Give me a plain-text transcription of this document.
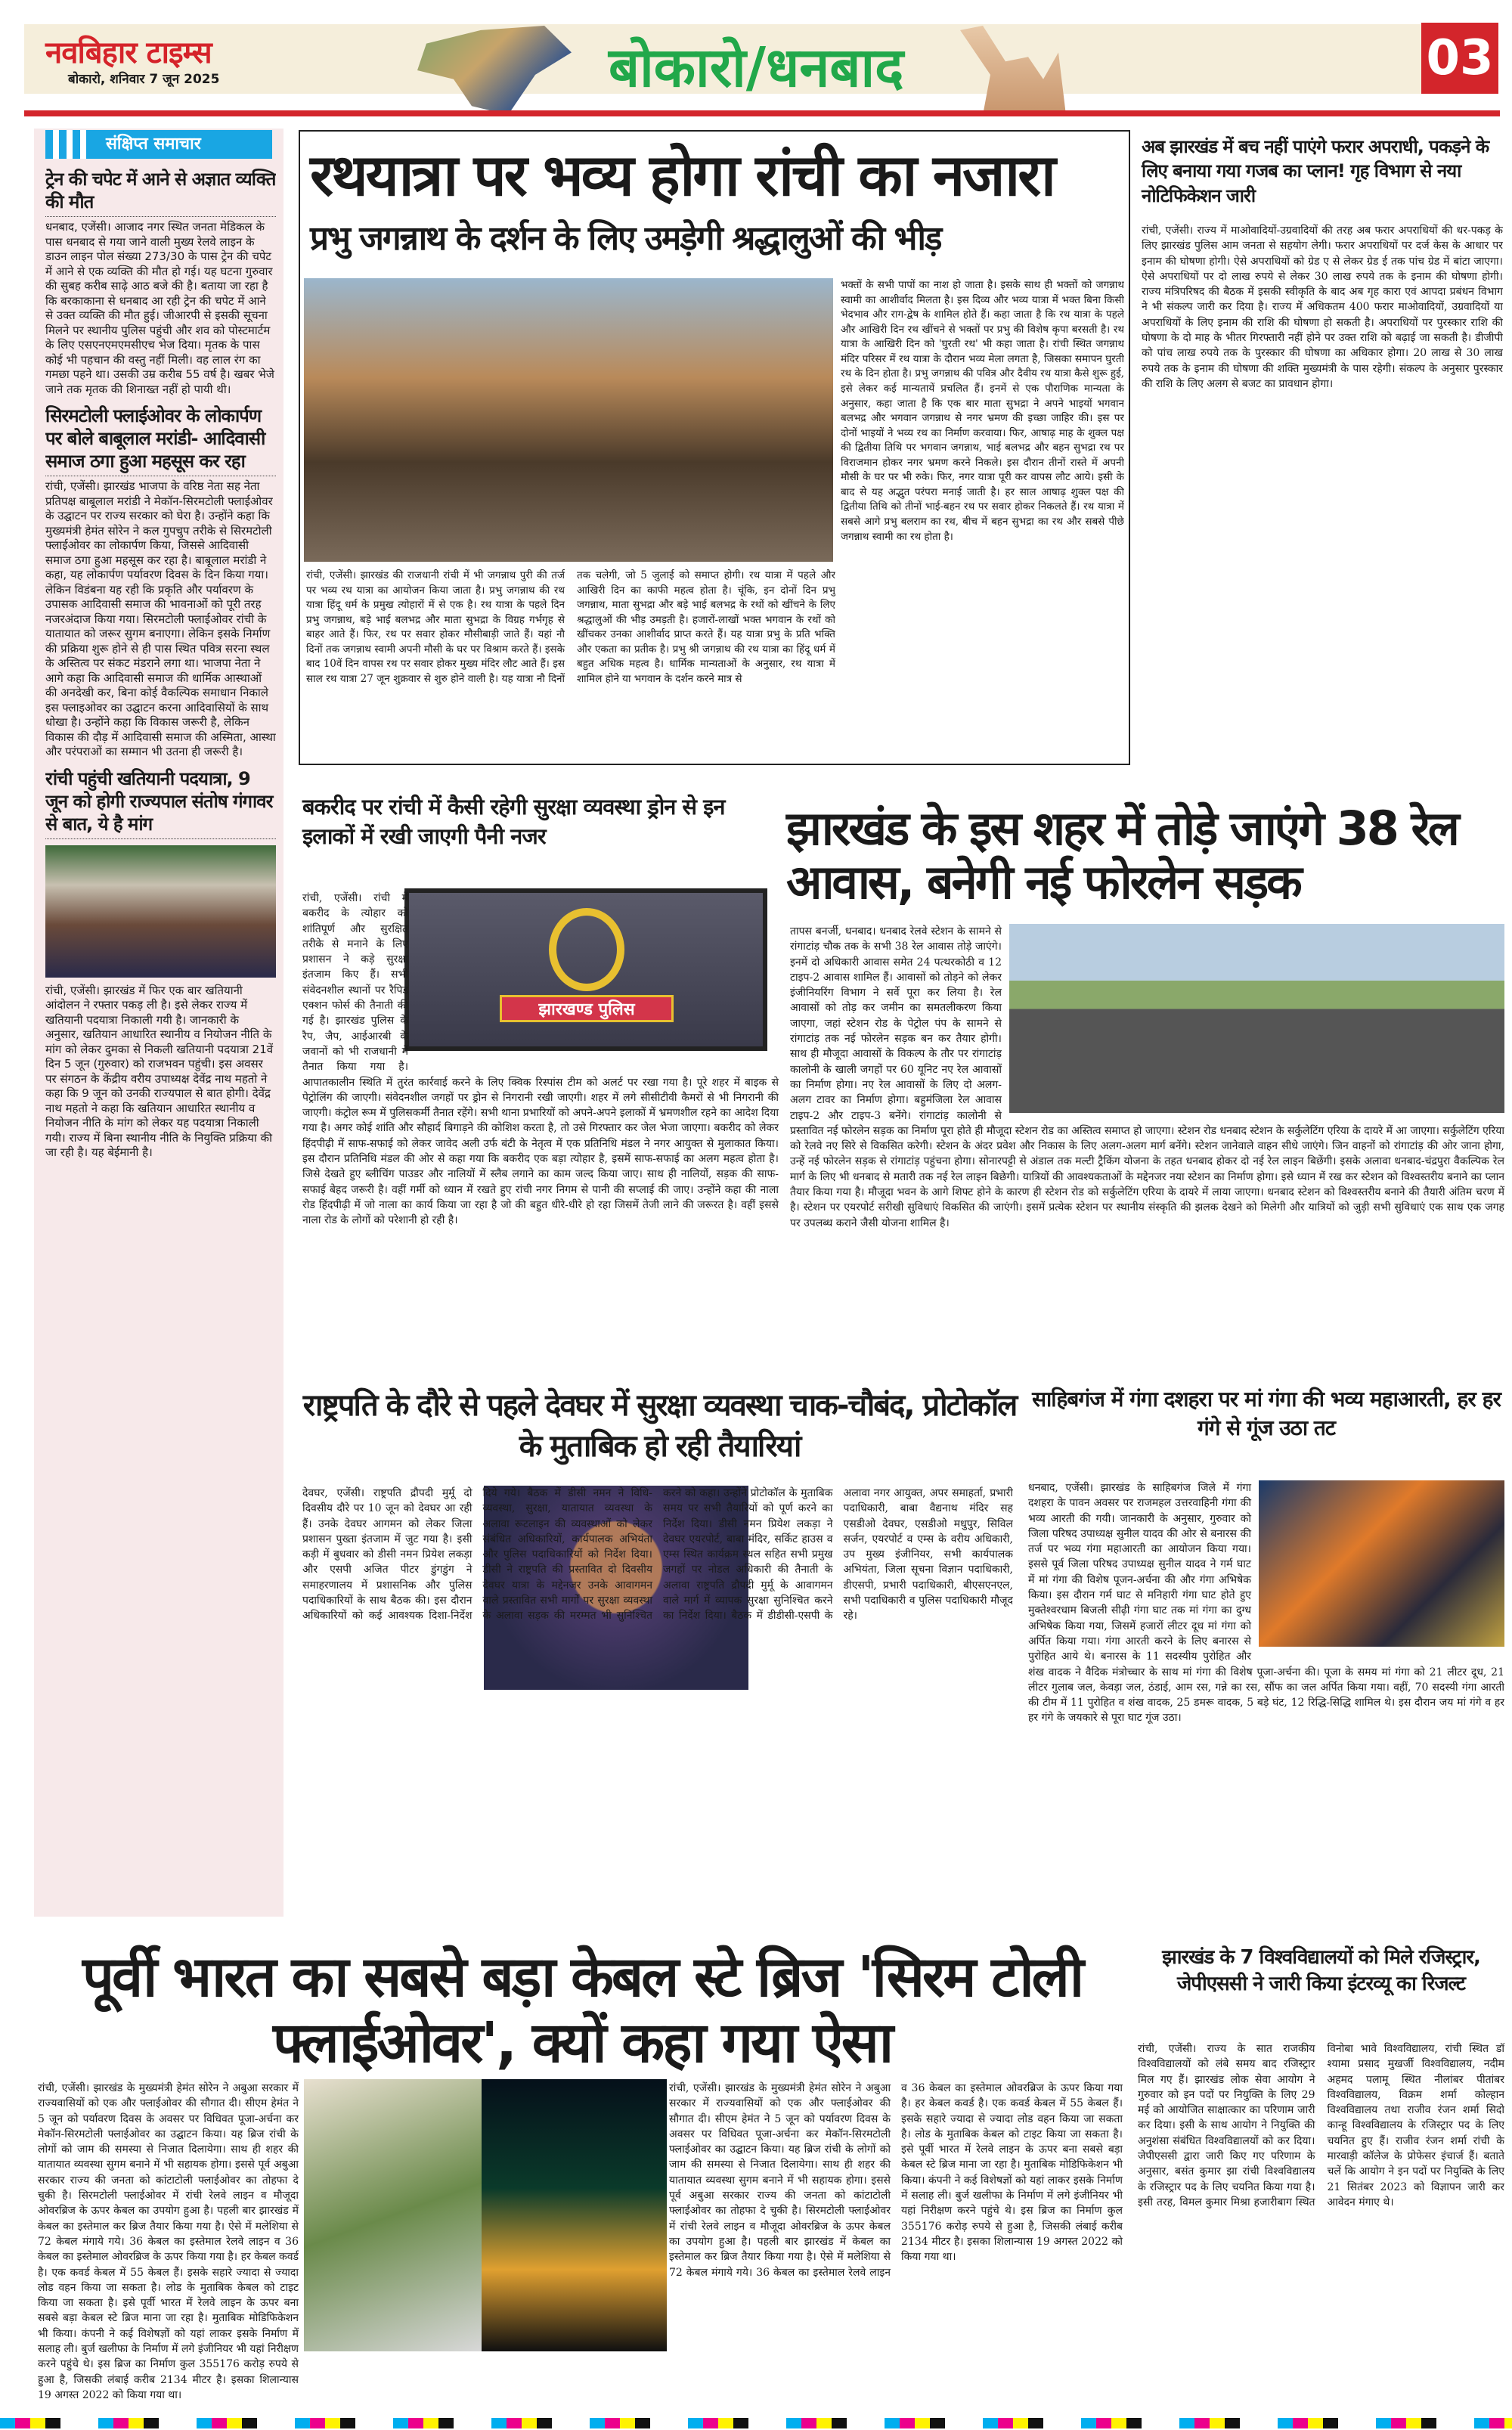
नवबिहार टाइम्स
बोकारो, शनिवार 7 जून 2025	बोकारो/धनबाद	03
संक्षिप्त समाचार
ट्रेन की चपेट में आने से अज्ञात व्यक्ति की मौत
धनबाद, एजेंसी। आजाद नगर स्थित जनता मेडिकल के पास धनबाद से गया जाने वाली मुख्य रेलवे लाइन के डाउन लाइन पोल संख्या 273/30 के पास ट्रेन की चपेट में आने से एक व्यक्ति की मौत हो गई। यह घटना गुरुवार की सुबह करीब साढ़े आठ बजे की है। बताया जा रहा है कि बरकाकाना से धनबाद आ रही ट्रेन की चपेट में आने से उक्त व्यक्ति की मौत हुई। जीआरपी से इसकी सूचना मिलने पर स्थानीय पुलिस पहुंची और शव को पोस्टमार्टम के लिए एसएनएमएमसीएच भेज दिया। मृतक के पास कोई भी पहचान की वस्तु नहीं मिली। वह लाल रंग का गमछा पहने था। उसकी उम्र करीब 55 वर्ष है। खबर भेजे जाने तक मृतक की शिनाख्त नहीं हो पायी थी।
सिरमटोली फ्लाईओवर के लोकार्पण पर बोले बाबूलाल मरांडी- आदिवासी समाज ठगा हुआ महसूस कर रहा
रांची, एजेंसी। झारखंड भाजपा के वरिष्ठ नेता सह नेता प्रतिपक्ष बाबूलाल मरांडी ने मेकॉन-सिरमटोली फ्लाईओवर के उद्घाटन पर राज्य सरकार को घेरा है। उन्होंने कहा कि मुख्यमंत्री हेमंत सोरेन ने कल गुपचुप तरीके से सिरमटोली फ्लाईओवर का लोकार्पण किया, जिससे आदिवासी समाज ठगा हुआ महसूस कर रहा है। बाबूलाल मरांडी ने कहा, यह लोकार्पण पर्यावरण दिवस के दिन किया गया। लेकिन विडंबना यह रही कि प्रकृति और पर्यावरण के उपासक आदिवासी समाज की भावनाओं को पूरी तरह नजरअंदाज किया गया। सिरमटोली फ्लाईओवर रांची के यातायात को जरूर सुगम बनाएगा। लेकिन इसके निर्माण की प्रक्रिया शुरू होने से ही पास स्थित पवित्र सरना स्थल के अस्तित्व पर संकट मंडराने लगा था। भाजपा नेता ने आगे कहा कि आदिवासी समाज की धार्मिक आस्थाओं की अनदेखी कर, बिना कोई वैकल्पिक समाधान निकाले इस फ्लाइओवर का उद्घाटन करना आदिवासियों के साथ धोखा है। उन्होंने कहा कि विकास जरूरी है, लेकिन विकास की दौड़ में आदिवासी समाज की अस्मिता, आस्था और परंपराओं का सम्मान भी उतना ही जरूरी है।
रांची पहुंची खतियानी पदयात्रा, 9 जून को होगी राज्यपाल संतोष गंगावर से बात, ये है मांग
रांची, एजेंसी। झारखंड में फिर एक बार खतियानी आंदोलन ने रफ्तार पकड़ ली है। इसे लेकर राज्य में खतियानी पदयात्रा निकाली गयी है। जानकारी के अनुसार, खतियान आधारित स्थानीय व नियोजन नीति के मांग को लेकर दुमका से निकली खतियानी पदयात्रा 21वें दिन 5 जून (गुरुवार) को राजभवन पहुंची। इस अवसर पर संगठन के केंद्रीय वरीय उपाध्यक्ष देवेंद्र नाथ महतो ने कहा कि 9 जून को उनकी राज्यपाल से बात होगी। देवेंद्र नाथ महतो ने कहा कि खतियान आधारित स्थानीय व नियोजन नीति के मांग को लेकर यह पदयात्रा निकाली गयी। राज्य में बिना स्थानीय नीति के नियुक्ति प्रक्रिया की जा रही है। यह बेईमानी है।
रथयात्रा पर भव्य होगा रांची का नजारा
प्रभु जगन्नाथ के दर्शन के लिए उमड़ेगी श्रद्धालुओं की भीड़
रांची, एजेंसी। झारखंड की राजधानी रांची में भी जगन्नाथ पुरी की तर्ज पर भव्य रथ यात्रा का आयोजन किया जाता है। प्रभु जगन्नाथ की रथ यात्रा हिंदू धर्म के प्रमुख त्योहारों में से एक है। रथ यात्रा के पहले दिन प्रभु जगन्नाथ, बड़े भाई बलभद्र और माता सुभद्रा के विग्रह गर्भगृह से बाहर आते हैं। फिर, रथ पर सवार होकर मौसीबाड़ी जाते हैं। यहां नौ दिनों तक जगन्नाथ स्वामी अपनी मौसी के घर पर विश्राम करते हैं। इसके बाद 10वें दिन वापस रथ पर सवार होकर मुख्य मंदिर लौट आते हैं। इस साल रथ यात्रा 27 जून शुक्रवार से शुरु होने वाली है। यह यात्रा नौ दिनों तक चलेगी, जो 5 जुलाई को समाप्त होगी। रथ यात्रा में पहले और आखिरी दिन का काफी महत्व होता है। चूंकि, इन दोनों दिन प्रभु जगन्नाथ, माता सुभद्रा और बड़े भाई बलभद्र के रथों को खींचने के लिए श्रद्धालुओं की भीड़ उमड़ती है। हजारों-लाखों भक्त भगवान के रथों को खींचकर उनका आशीर्वाद प्राप्त करते हैं। यह यात्रा प्रभु के प्रति भक्ति और एकता का प्रतीक है। प्रभु श्री जगन्नाथ की रथ यात्रा का हिंदू धर्म में बहुत अधिक महत्व है। धार्मिक मान्यताओं के अनुसार, रथ यात्रा में शामिल होने या भगवान के दर्शन करने मात्र से
भक्तों के सभी पापों का नाश हो जाता है। इसके साथ ही भक्तों को जगन्नाथ स्वामी का आशीर्वाद मिलता है। इस दिव्य और भव्य यात्रा में भक्त बिना किसी भेदभाव और राग-द्वेष के शामिल होते हैं। कहा जाता है कि रथ यात्रा के पहले और आखिरी दिन रथ खींचने से भक्तों पर प्रभु की विशेष कृपा बरसती है। रथ यात्रा के आखिरी दिन को 'घुरती रथ' भी कहा जाता है। रांची स्थित जगन्नाथ मंदिर परिसर में रथ यात्रा के दौरान भव्य मेला लगता है, जिसका समापन घुरती रथ के दिन होता है। प्रभु जगन्नाथ की पवित्र और दैवीय रथ यात्रा कैसे शुरू हुई, इसे लेकर कई मान्यतायें प्रचलित हैं। इनमें से एक पौराणिक मान्यता के अनुसार, कहा जाता है कि एक बार माता सुभद्रा ने अपने भाइयों भगवान बलभद्र और भगवान जगन्नाथ से नगर भ्रमण की इच्छा जाहिर की। इस पर दोनों भाइयों ने भव्य रथ का निर्माण करवाया। फिर, आषाढ़ माह के शुक्ल पक्ष की द्वितीया तिथि पर भगवान जगन्नाथ, भाई बलभद्र और बहन सुभद्रा रथ पर विराजमान होकर नगर भ्रमण करने निकले। इस दौरान तीनों रास्ते में अपनी मौसी के घर पर भी रुके। फिर, नगर यात्रा पूरी कर वापस लौट आये। इसी के बाद से यह अद्भुत परंपरा मनाई जाती है। हर साल आषाढ़ शुक्ल पक्ष की द्वितीया तिथि को तीनों भाई-बहन रथ पर सवार होकर निकलते हैं। रथ यात्रा में सबसे आगे प्रभु बलराम का रथ, बीच में बहन सुभद्रा का रथ और सबसे पीछे जगन्नाथ स्वामी का रथ होता है।
अब झारखंड में बच नहीं पाएंगे फरार अपराधी, पकड़ने के लिए बनाया गया गजब का प्लान! गृह विभाग से नया नोटिफिकेशन जारी
रांची, एजेंसी। राज्य में माओवादियों-उग्रवादियों की तरह अब फरार अपराधियों की धर-पकड़ के लिए झारखंड पुलिस आम जनता से सहयोग लेगी। फरार अपराधियों पर दर्ज केस के आधार पर इनाम की घोषणा होगी। ऐसे अपराधियों को ग्रेड ए से लेकर ग्रेड ई तक पांच ग्रेड में बांटा जाएगा। ऐसे अपराधियों पर दो लाख रुपये से लेकर 30 लाख रुपये तक के इनाम की घोषणा होगी। राज्य मंत्रिपरिषद की बैठक में इसकी स्वीकृति के बाद अब गृह कारा एवं आपदा प्रबंधन विभाग ने भी संकल्प जारी कर दिया है। राज्य में अधिकतम 400 फरार माओवादियों, उग्रवादियों या अपराधियों के लिए इनाम की राशि की घोषणा हो सकती है। अपराधियों पर पुरस्कार राशि की घोषणा के दो माह के भीतर गिरफ्तारी नहीं होने पर उक्त राशि को बढ़ाई जा सकती है। डीजीपी को पांच लाख रुपये तक के पुरस्कार की घोषणा का अधिकार होगा। 20 लाख से 30 लाख रुपये तक के इनाम की घोषणा की शक्ति मुख्यमंत्री के पास रहेगी। संकल्प के अनुसार पुरस्कार की राशि के लिए अलग से बजट का प्रावधान होगा।
बकरीद पर रांची में कैसी रहेगी सुरक्षा व्यवस्था ड्रोन से इन इलाकों में रखी जाएगी पैनी नजर
झारखण्ड पुलिस
रांची, एजेंसी। रांची में बकरीद के त्योहार को शांतिपूर्ण और सुरक्षित तरीके से मनाने के लिए प्रशासन ने कड़े सुरक्षा इंतजाम किए हैं। सभी संवेदनशील स्थानों पर रैपिड एक्शन फोर्स की तैनाती की गई है। झारखंड पुलिस के रैप, जैप, आईआरबी के जवानों को भी राजधानी में तैनात किया गया है। आपातकालीन स्थिति में तुरंत कार्रवाई करने के लिए क्विक रिस्पांस टीम को अलर्ट पर रखा गया है। पूरे शहर में बाइक से पेट्रोलिंग की जाएगी। संवेदनशील जगहों पर ड्रोन से निगरानी रखी जाएगी। शहर में लगे सीसीटीवी कैमरों से भी निगरानी की जाएगी। कंट्रोल रूम में पुलिसकर्मी तैनात रहेंगे। सभी थाना प्रभारियों को अपने-अपने इलाकों में भ्रमणशील रहने का आदेश दिया गया है। अगर कोई शांति और सौहार्द बिगाड़ने की कोशिश करता है, तो उसे गिरफ्तार कर जेल भेजा जाएगा। बकरीद को लेकर हिंदपीढ़ी में साफ-सफाई को लेकर जावेद अली उर्फ बंटी के नेतृत्व में एक प्रतिनिधि मंडल ने नगर आयुक्त से मुलाकात किया। इस दौरान प्रतिनिधि मंडल की ओर से कहा गया कि बकरीद एक बड़ा त्योहार है, इसमें साफ-सफाई का अलग महत्व होता है। जिसे देखते हुए ब्लीचिंग पाउडर और नालियों में स्लैब लगाने का काम जल्द किया जाए। साथ ही नालियों, सड़क की साफ-सफाई बेहद जरूरी है। वहीं गर्मी को ध्यान में रखते हुए रांची नगर निगम से पानी की सप्लाई की जाए। उन्होंने कहा की नाला रोड हिंदपीढ़ी में जो नाला का कार्य किया जा रहा है जो की बहुत धीरे-धीरे हो रहा जिसमें तेजी लाने की जरूरत है। वहीं इससे नाला रोड के लोगों को परेशानी हो रही है।
झारखंड के इस शहर में तोड़े जाएंगे 38 रेल आवास, बनेगी नई फोरलेन सड़क
तापस बनर्जी, धनबाद। धनबाद रेलवे स्टेशन के सामने से रांगाटांड़ चौक तक के सभी 38 रेल आवास तोड़े जाएंगे। इनमें दो अधिकारी आवास समेत 24 पत्थरकोठी व 12 टाइप-2 आवास शामिल हैं। आवासों को तोड़ने को लेकर इंजीनियरिंग विभाग ने सर्वे पूरा कर लिया है। रेल आवासों को तोड़ कर जमीन का समतलीकरण किया जाएगा, जहां स्टेशन रोड के पेट्रोल पंप के सामने से रांगाटांड़ तक नई फोरलेन सड़क बन कर तैयार होगी। साथ ही मौजूदा आवासों के विकल्प के तौर पर रांगाटांड़ कालोनी के खाली जगहों पर 60 यूनिट नए रेल आवासों का निर्माण होगा। नए रेल आवासों के लिए दो अलग-अलग टावर का निर्माण होगा। बहुमंजिला रेल आवास टाइप-2 और टाइप-3 बनेंगे। रांगाटांड़ कालोनी से प्रस्तावित नई फोरलेन सड़क का निर्माण पूरा होते ही मौजूदा स्टेशन रोड का अस्तित्व समाप्त हो जाएगा। स्टेशन रोड धनबाद स्टेशन के सर्कुलेटिंग एरिया के दायरे में आ जाएगा। सर्कुलेटिंग एरिया को रेलवे नए सिरे से विकसित करेगी। स्टेशन के अंदर प्रवेश और निकास के लिए अलग-अलग मार्ग बनेंगे। स्टेशन जानेवाले वाहन सीधे जाएंगे। जिन वाहनों को रांगाटांड़ की ओर जाना होगा, उन्हें नई फोरलेन सड़क से रांगाटांड़ पहुंचना होगा। सोनारपट्टी से अंडाल तक मल्टी ट्रैकिंग योजना के तहत धनबाद होकर दो नई रेल लाइन बिछेंगी। इसके अलावा धनबाद-चंद्रपुरा वैकल्पिक रेल मार्ग के लिए भी धनबाद से मतारी तक नई रेल लाइन बिछेगी। यात्रियों की आवश्यकताओं के मद्देनजर नया स्टेशन का निर्माण होगा। इसे ध्यान में रख कर स्टेशन को विश्वस्तरीय बनाने का प्लान तैयार किया गया है। मौजूदा भवन के आगे शिफ्ट होने के कारण ही स्टेशन रोड को सर्कुलेटिंग एरिया के दायरे में लाया जाएगा। धनबाद स्टेशन को विश्वस्तरीय बनाने की तैयारी अंतिम चरण में है। स्टेशन पर एयरपोर्ट सरीखी सुविधाएं विकसित की जाएंगी। इसमें प्रत्येक स्टेशन पर स्थानीय संस्कृति की झलक देखने को मिलेगी और यात्रियों को जुड़ी सभी सुविधाएं एक साथ एक जगह पर उपलब्ध कराने जैसी योजना शामिल है।
राष्ट्रपति के दौरे से पहले देवघर में सुरक्षा व्यवस्था चाक-चौबंद, प्रोटोकॉल के मुताबिक हो रही तैयारियां
देवघर, एजेंसी। राष्ट्रपति द्रौपदी मुर्मू दो दिवसीय दौरे पर 10 जून को देवघर आ रही हैं। उनके देवघर आगमन को लेकर जिला प्रशासन पुख्ता इंतजाम में जुट गया है। इसी कड़ी में बुधवार को डीसी नमन प्रियेश लकड़ा और एसपी अजित पीटर डुंगडुंग ने समाहरणालय में प्रशासनिक और पुलिस पदाधिकारियों के साथ बैठक की। इस दौरान अधिकारियों को कई आवश्यक दिशा-निर्देश दिये गये। बैठक में डीसी नमन ने विधि-व्यवस्था, सुरक्षा, यातायात व्यवस्था के अलावा रूटलाइन की व्यवस्थाओं को लेकर संबंधित अधिकारियों, कार्यपालक अभियंता और पुलिस पदाधिकारियों को निर्देश दिया। डीसी ने राष्ट्रपति की प्रस्तावित दो दिवसीय देवघर यात्रा के मद्देनजर उनके आवागमन वाले प्रस्तावित सभी मार्गों पर सुरक्षा व्यवस्था के अलावा सड़क की मरम्मत भी सुनिश्चित करने को कहा। उन्होंने प्रोटोकॉल के मुताबिक समय पर सभी तैयारियों को पूर्ण करने का निर्देश दिया। डीसी नमन प्रियेश लकड़ा ने देवघर एयरपोर्ट, बाबा मंदिर, सर्किट हाउस व एम्स स्थित कार्यक्रम स्थल सहित सभी प्रमुख जगहों पर नोडल अधिकारी की तैनाती के अलावा राष्ट्रपति द्रौपदी मुर्मू के आवागमन वाले मार्ग में व्यापक सुरक्षा सुनिश्चित करने का निर्देश दिया। बैठक में डीडीसी-एसपी के अलावा नगर आयुक्त, अपर समाहर्ता, प्रभारी पदाधिकारी, बाबा वैद्यनाथ मंदिर सह एसडीओ देवघर, एसडीओ मधुपुर, सिविल सर्जन, एयरपोर्ट व एम्स के वरीय अधिकारी, उप मुख्य इंजीनियर, सभी कार्यपालक अभियंता, जिला सूचना विज्ञान पदाधिकारी, डीएसपी, प्रभारी पदाधिकारी, बीएसएनएल, सभी पदाधिकारी व पुलिस पदाधिकारी मौजूद रहे।
साहिबगंज में गंगा दशहरा पर मां गंगा की भव्य महाआरती, हर हर गंगे से गूंज उठा तट
धनबाद, एजेंसी। झारखंड के साहिबगंज जिले में गंगा दशहरा के पावन अवसर पर राजमहल उत्तरवाहिनी गंगा की भव्य आरती की गयी। जानकारी के अनुसार, गुरुवार को जिला परिषद उपाध्यक्ष सुनील यादव की ओर से बनारस की तर्ज पर भव्य गंगा महाआरती का आयोजन किया गया। इससे पूर्व जिला परिषद उपाध्यक्ष सुनील यादव ने गर्म घाट में मां गंगा की विशेष पूजन-अर्चना की और गंगा अभिषेक किया। इस दौरान गर्म घाट से मनिहारी गंगा घाट होते हुए मुक्तेश्वरधाम बिजली सीढ़ी गंगा घाट तक मां गंगा का दुग्ध अभिषेक किया गया, जिसमें हजारों लीटर दूध मां गंगा को अर्पित किया गया। गंगा आरती करने के लिए बनारस से पुरोहित आये थे। बनारस के 11 सदस्यीय पुरोहित और शंख वादक ने वैदिक मंत्रोच्चार के साथ मां गंगा की विशेष पूजा-अर्चना की। पूजा के समय मां गंगा को 21 लीटर दूध, 21 लीटर गुलाब जल, केवड़ा जल, ठंडाई, आम रस, गन्ने का रस, सौंफ का जल अर्पित किया गया। वहीं, 70 सदस्यी गंगा आरती की टीम में 11 पुरोहित व शंख वादक, 25 डमरू वादक, 5 बड़े घंट, 12 रिद्धि-सिद्धि शामिल थे। इस दौरान जय मां गंगे व हर हर गंगे के जयकारे से पूरा घाट गूंज उठा।
पूर्वी भारत का सबसे बड़ा केबल स्टे ब्रिज 'सिरम टोली फ्लाईओवर', क्यों कहा गया ऐसा
रांची, एजेंसी। झारखंड के मुख्यमंत्री हेमंत सोरेन ने अबुआ सरकार में राज्यवासियों को एक और फ्लाईओवर की सौगात दी। सीएम हेमंत ने 5 जून को पर्यावरण दिवस के अवसर पर विधिवत पूजा-अर्चना कर मेकॉन-सिरमटोली फ्लाईओवर का उद्घाटन किया। यह ब्रिज रांची के लोगों को जाम की समस्या से निजात दिलायेगा। साथ ही शहर की यातायात व्यवस्था सुगम बनाने में भी सहायक होगा। इससे पूर्व अबुआ सरकार राज्य की जनता को कांटाटोली फ्लाईओवर का तोहफा दे चुकी है। सिरमटोली फ्लाईओवर में रांची रेलवे लाइन व मौजूदा ओवरब्रिज के ऊपर केबल का उपयोग हुआ है। पहली बार झारखंड में केबल का इस्तेमाल कर ब्रिज तैयार किया गया है। ऐसे में मलेशिया से 72 केबल मंगाये गये। 36 केबल का इस्तेमाल रेलवे लाइन व 36 केबल का इस्तेमाल ओवरब्रिज के ऊपर किया गया है। हर केबल कवर्ड है। एक कवर्ड केबल में 55 केबल हैं। इसके सहारे ज्यादा से ज्यादा लोड वहन किया जा सकता है। लोड के मुताबिक केबल को टाइट किया जा सकता है। इसे पूर्वी भारत में रेलवे लाइन के ऊपर बना सबसे बड़ा केबल स्टे ब्रिज माना जा रहा है। मुताबिक मोडिफिकेशन भी किया। कंपनी ने कई विशेषज्ञों को यहां लाकर इसके निर्माण में सलाह ली। बुर्ज खलीफा के निर्माण में लगे इंजीनियर भी यहां निरीक्षण करने पहुंचे थे। इस ब्रिज का निर्माण कुल 355176 करोड़ रुपये से हुआ है, जिसकी लंबाई करीब 2134 मीटर है। इसका शिलान्यास 19 अगस्त 2022 को किया गया था।
रांची, एजेंसी। झारखंड के मुख्यमंत्री हेमंत सोरेन ने अबुआ सरकार में राज्यवासियों को एक और फ्लाईओवर की सौगात दी। सीएम हेमंत ने 5 जून को पर्यावरण दिवस के अवसर पर विधिवत पूजा-अर्चना कर मेकॉन-सिरमटोली फ्लाईओवर का उद्घाटन किया। यह ब्रिज रांची के लोगों को जाम की समस्या से निजात दिलायेगा। साथ ही शहर की यातायात व्यवस्था सुगम बनाने में भी सहायक होगा। इससे पूर्व अबुआ सरकार राज्य की जनता को कांटाटोली फ्लाईओवर का तोहफा दे चुकी है। सिरमटोली फ्लाईओवर में रांची रेलवे लाइन व मौजूदा ओवरब्रिज के ऊपर केबल का उपयोग हुआ है। पहली बार झारखंड में केबल का इस्तेमाल कर ब्रिज तैयार किया गया है। ऐसे में मलेशिया से 72 केबल मंगाये गये। 36 केबल का इस्तेमाल रेलवे लाइन व 36 केबल का इस्तेमाल ओवरब्रिज के ऊपर किया गया है। हर केबल कवर्ड है। एक कवर्ड केबल में 55 केबल हैं। इसके सहारे ज्यादा से ज्यादा लोड वहन किया जा सकता है। लोड के मुताबिक केबल को टाइट किया जा सकता है। इसे पूर्वी भारत में रेलवे लाइन के ऊपर बना सबसे बड़ा केबल स्टे ब्रिज माना जा रहा है। मुताबिक मोडिफिकेशन भी किया। कंपनी ने कई विशेषज्ञों को यहां लाकर इसके निर्माण में सलाह ली। बुर्ज खलीफा के निर्माण में लगे इंजीनियर भी यहां निरीक्षण करने पहुंचे थे। इस ब्रिज का निर्माण कुल 355176 करोड़ रुपये से हुआ है, जिसकी लंबाई करीब 2134 मीटर है। इसका शिलान्यास 19 अगस्त 2022 को किया गया था।
झारखंड के 7 विश्वविद्यालयों को मिले रजिस्ट्रार, जेपीएससी ने जारी किया इंटरव्यू का रिजल्ट
रांची, एजेंसी। राज्य के सात राजकीय विश्वविद्यालयों को लंबे समय बाद रजिस्ट्रार मिल गए हैं। झारखंड लोक सेवा आयोग ने गुरुवार को इन पदों पर नियुक्ति के लिए 29 मई को आयोजित साक्षात्कार का परिणाम जारी कर दिया। इसी के साथ आयोग ने नियुक्ति की अनुशंसा संबंधित विश्वविद्यालयों को कर दिया। जेपीएससी द्वारा जारी किए गए परिणाम के अनुसार, बसंत कुमार झा रांची विश्वविद्यालय के रजिस्ट्रार पद के लिए चयनित किया गया है। इसी तरह, विमल कुमार मिश्रा हजारीबाग स्थित विनोबा भावे विश्वविद्यालय, रांची स्थित डॉ श्यामा प्रसाद मुखर्जी विश्वविद्यालय, नदीम अहमद पलामू स्थित नीलांबर पीतांबर विश्वविद्यालय, विक्रम शर्मा कोल्हान विश्वविद्यालय तथा राजीव रंजन शर्मा सिदो कान्हू विश्वविद्यालय के रजिस्ट्रार पद के लिए चयनित हुए हैं। राजीव रंजन शर्मा रांची के मारवाड़ी कॉलेज के प्रोफेसर इंचार्ज हैं। बताते चलें कि आयोग ने इन पदों पर नियुक्ति के लिए 21 सितंबर 2023 को विज्ञापन जारी कर आवेदन मंगाए थे।
